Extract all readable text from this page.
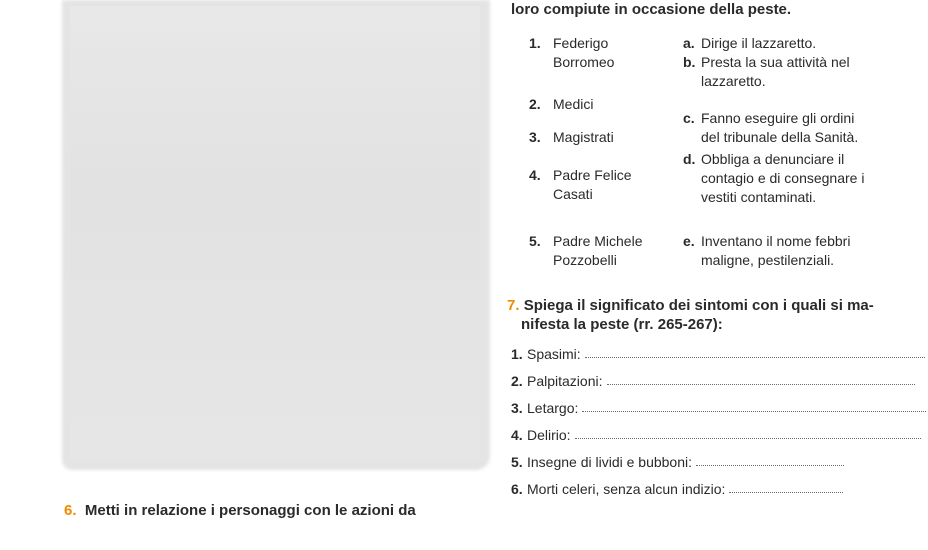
6. Metti in relazione i personaggi con le azioni da

loro compiute in occasione della peste.

1. Federigo
Borromeo
2. Medici
3. Magistrati
4. Padre Felice
Casati
5. Padre Michele
Pozzobelli
a. Dirige il lazzaretto.
b. Presta la sua attività nel
lazzaretto.
c. Fanno eseguire gli ordini
del tribunale della Sanità.
d. Obbliga a denunciare il
contagio e di consegnare i
vestiti contaminati.
e. Inventano il nome febbri
maligne, pestilenziali.

7. Spiega il significato dei sintomi con i quali si ma-
nifesta la peste (rr. 265-267):

1. Spasimi:
2. Palpitazioni:
3. Letargo:
4. Delirio:
5. Insegne di lividi e bubboni:
6. Morti celeri, senza alcun indizio:
